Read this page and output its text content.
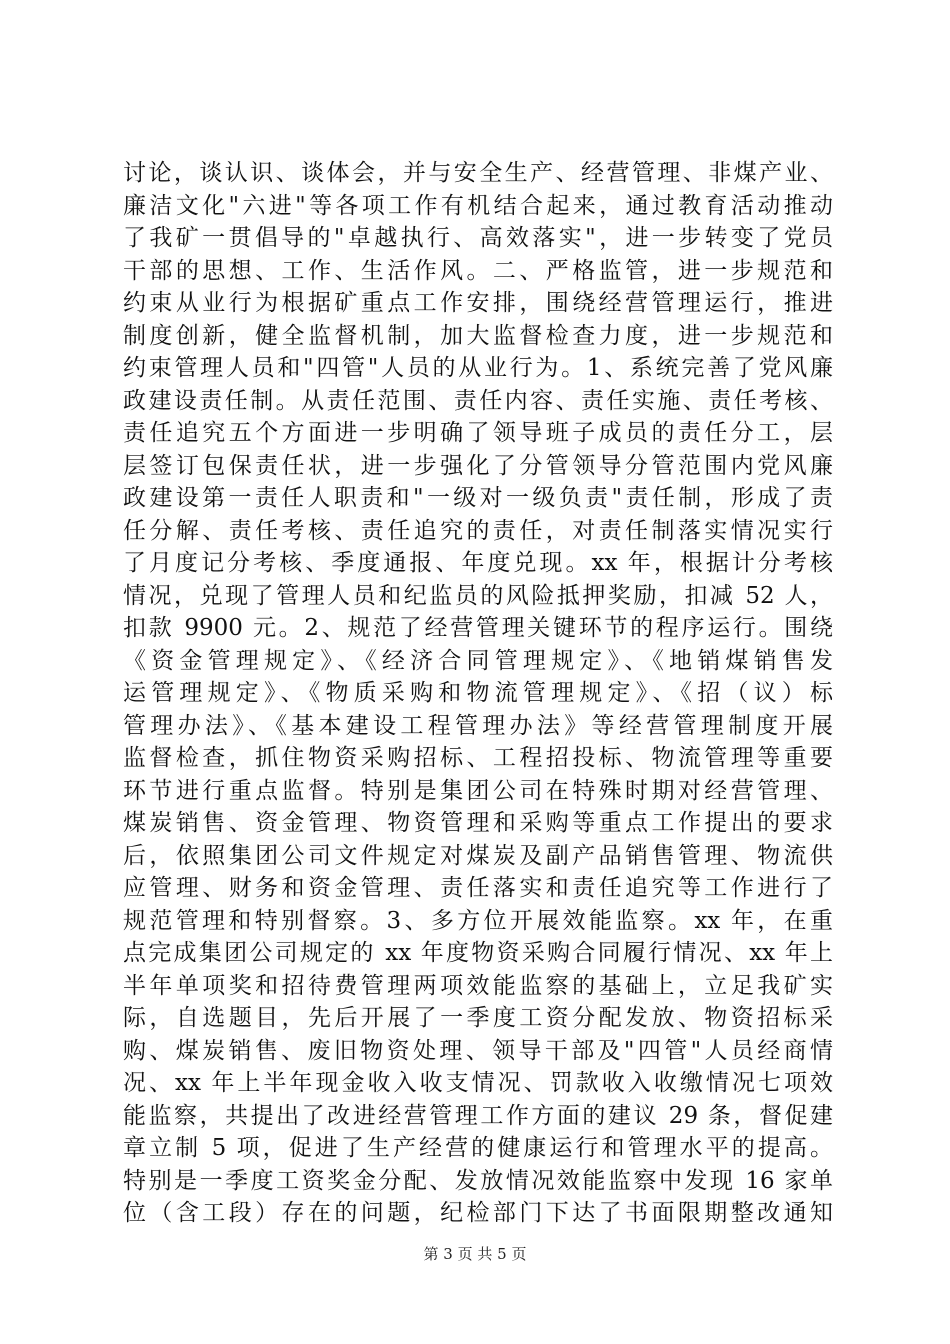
讨论，谈认识、谈体会，并与安全生产、经营管理、非煤产业、
廉洁文化"六进"等各项工作有机结合起来，通过教育活动推动
了我矿一贯倡导的"卓越执行、高效落实"，进一步转变了党员
干部的思想、工作、生活作风。二、严格监管，进一步规范和
约束从业行为根据矿重点工作安排，围绕经营管理运行，推进
制度创新，健全监督机制，加大监督检查力度，进一步规范和
约束管理人员和"四管"人员的从业行为。1、系统完善了党风廉
政建设责任制。从责任范围、责任内容、责任实施、责任考核、
责任追究五个方面进一步明确了领导班子成员的责任分工，层
层签订包保责任状，进一步强化了分管领导分管范围内党风廉
政建设第一责任人职责和"一级对一级负责"责任制，形成了责
任分解、责任考核、责任追究的责任，对责任制落实情况实行
了月度记分考核、季度通报、年度兑现。xx 年，根据计分考核
情况，兑现了管理人员和纪监员的风险抵押奖励，扣减 52 人，
扣款 9900 元。2、规范了经营管理关键环节的程序运行。围绕
《资金管理规定》、《经济合同管理规定》、《地销煤销售发
运管理规定》、《物质采购和物流管理规定》、《招（议）标
管理办法》、《基本建设工程管理办法》等经营管理制度开展
监督检查，抓住物资采购招标、工程招投标、物流管理等重要
环节进行重点监督。特别是集团公司在特殊时期对经营管理、
煤炭销售、资金管理、物资管理和采购等重点工作提出的要求
后，依照集团公司文件规定对煤炭及副产品销售管理、物流供
应管理、财务和资金管理、责任落实和责任追究等工作进行了
规范管理和特别督察。3、多方位开展效能监察。xx 年，在重
点完成集团公司规定的 xx 年度物资采购合同履行情况、xx 年上
半年单项奖和招待费管理两项效能监察的基础上，立足我矿实
际，自选题目，先后开展了一季度工资分配发放、物资招标采
购、煤炭销售、废旧物资处理、领导干部及"四管"人员经商情
况、xx 年上半年现金收入收支情况、罚款收入收缴情况七项效
能监察，共提出了改进经营管理工作方面的建议 29 条，督促建
章立制 5 项，促进了生产经营的健康运行和管理水平的提高。
特别是一季度工资奖金分配、发放情况效能监察中发现 16 家单
位（含工段）存在的问题，纪检部门下达了书面限期整改通知
第 3 页 共 5 页
